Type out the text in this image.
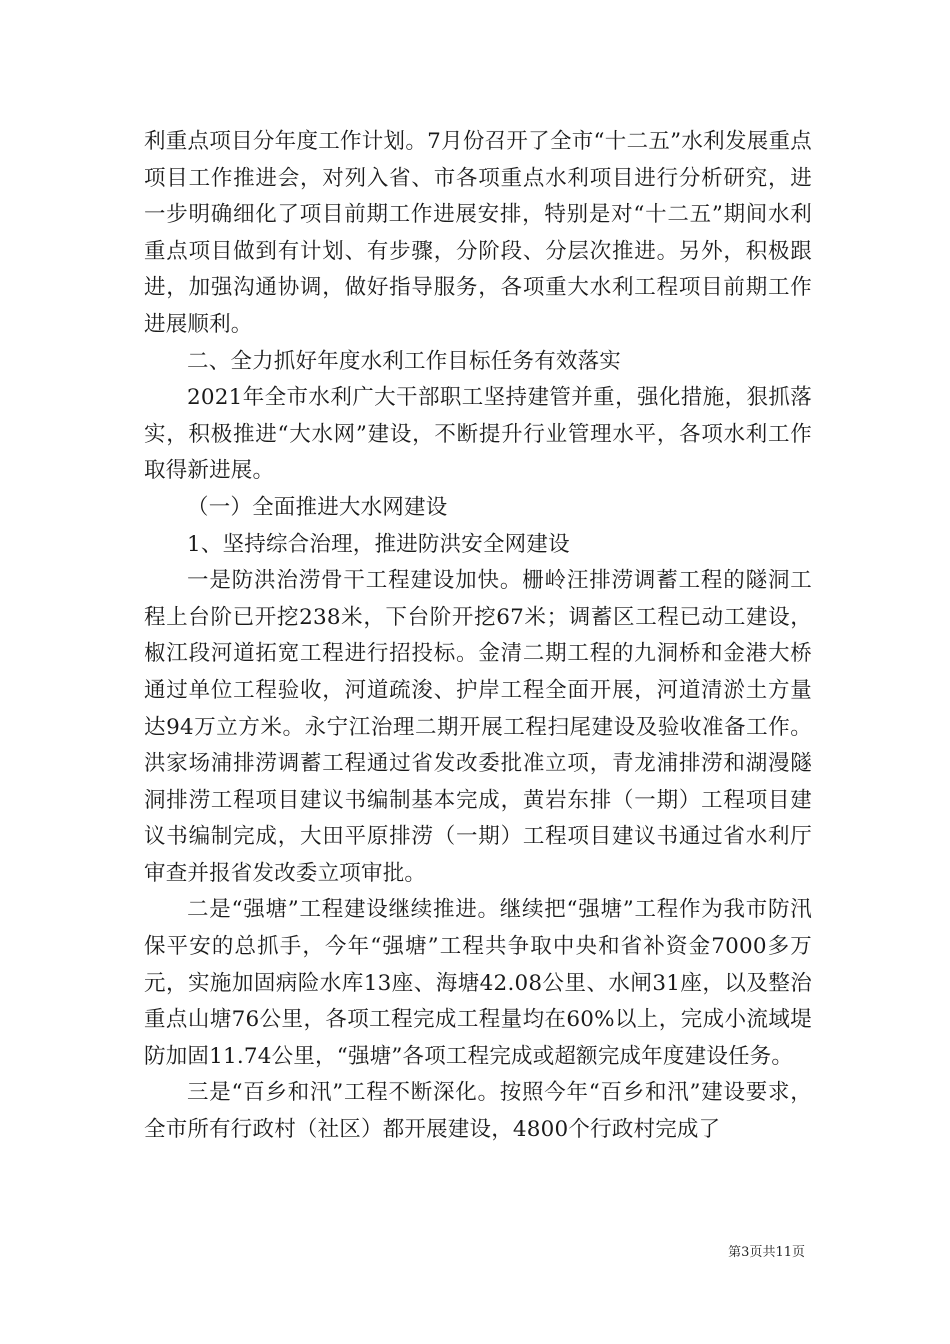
利重点项目分年度工作计划。7月份召开了全市“十二五”水利发展重点项目工作推进会，对列入省、市各项重点水利项目进行分析研究，进一步明确细化了项目前期工作进展安排，特别是对“十二五”期间水利重点项目做到有计划、有步骤，分阶段、分层次推进。另外，积极跟进，加强沟通协调，做好指导服务，各项重大水利工程项目前期工作进展顺利。

二、全力抓好年度水利工作目标任务有效落实

2021年全市水利广大干部职工坚持建管并重，强化措施，狠抓落实，积极推进“大水网”建设，不断提升行业管理水平，各项水利工作取得新进展。

（一）全面推进大水网建设

1、坚持综合治理，推进防洪安全网建设

一是防洪治涝骨干工程建设加快。栅岭汪排涝调蓄工程的隧洞工程上台阶已开挖238米，下台阶开挖67米；调蓄区工程已动工建设，椒江段河道拓宽工程进行招投标。金清二期工程的九洞桥和金港大桥通过单位工程验收，河道疏浚、护岸工程全面开展，河道清淤土方量达94万立方米。永宁江治理二期开展工程扫尾建设及验收准备工作。洪家场浦排涝调蓄工程通过省发改委批准立项，青龙浦排涝和湖漫隧洞排涝工程项目建议书编制基本完成，黄岩东排（一期）工程项目建议书编制完成，大田平原排涝（一期）工程项目建议书通过省水利厅审查并报省发改委立项审批。

二是“强塘”工程建设继续推进。继续把“强塘”工程作为我市防汛保平安的总抓手，今年“强塘”工程共争取中央和省补资金7000多万元，实施加固病险水库13座、海塘42.08公里、水闸31座，以及整治重点山塘76公里，各项工程完成工程量均在60%以上，完成小流域堤防加固11.74公里，“强塘”各项工程完成或超额完成年度建设任务。

三是“百乡和汛”工程不断深化。按照今年“百乡和汛”建设要求，全市所有行政村（社区）都开展建设，4800个行政村完成了

第3页共11页
